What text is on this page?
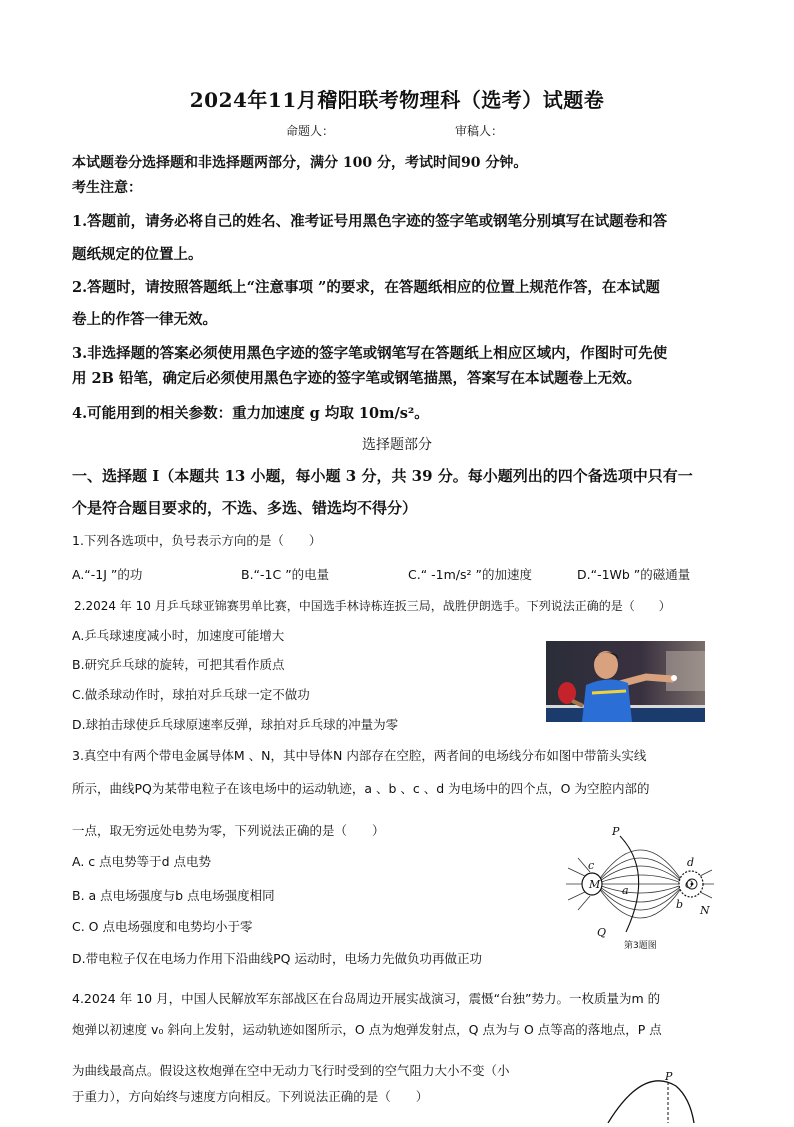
2024年11月稽阳联考物理科（选考）试题卷
命题人：	审稿人：
本试题卷分选择题和非选择题两部分，满分 100 分，考试时间90 分钟。
考生注意：
1.答题前，请务必将自己的姓名、准考证号用黑色字迹的签字笔或钢笔分别填写在试题卷和答
题纸规定的位置上。
2.答题时，请按照答题纸上“注意事项 ”的要求，在答题纸相应的位置上规范作答，在本试题
卷上的作答一律无效。
3.非选择题的答案必须使用黑色字迹的签字笔或钢笔写在答题纸上相应区域内，作图时可先使
用 2B 铅笔，确定后必须使用黑色字迹的签字笔或钢笔描黑，答案写在本试题卷上无效。
4.可能用到的相关参数：重力加速度 g 均取 10m/s²。
选择题部分
一、选择题 Ⅰ（本题共 13 小题，每小题 3 分，共 39 分。每小题列出的四个备选项中只有一
个是符合题目要求的，不选、多选、错选均不得分）
1.下列各选项中，负号表示方向的是（　　）
A.“-1J ”的功	B.“-1C ”的电量	C.“ -1m/s² ”的加速度	D.“-1Wb ”的磁通量
2.2024 年 10 月乒乓球亚锦赛男单比赛，中国选手林诗栋连扳三局，战胜伊朗选手。下列说法正确的是（　　）
A.乒乓球速度减小时，加速度可能增大
B.研究乒乓球的旋转，可把其看作质点
C.做杀球动作时，球拍对乒乓球一定不做功
D.球拍击球使乒乓球原速率反弹，球拍对乒乓球的冲量为零
3.真空中有两个带电金属导体M 、N，其中导体N 内部存在空腔，两者间的电场线分布如图中带箭头实线
所示，曲线PQ为某带电粒子在该电场中的运动轨迹，a 、b 、c 、d 为电场中的四个点，O 为空腔内部的
一点，取无穷远处电势为零，下列说法正确的是（　　）
A. c 点电势等于d 点电势
B. a 点电场强度与b 点电场强度相同
C. O 点电场强度和电势均小于零
D.带电粒子仅在电场力作用下沿曲线PQ 运动时，电场力先做负功再做正功
M	O
P
Q
N
a
b
c	d
第3题图
4.2024 年 10 月，中国人民解放军东部战区在台岛周边开展实战演习，震慑“台独”势力。一枚质量为m 的
炮弹以初速度 v₀ 斜向上发射，运动轨迹如图所示，O 点为炮弹发射点，Q 点为与 O 点等高的落地点，P 点
为曲线最高点。假设这枚炮弹在空中无动力飞行时受到的空气阻力大小不变（小
于重力），方向始终与速度方向相反。下列说法正确的是（　　）
P
